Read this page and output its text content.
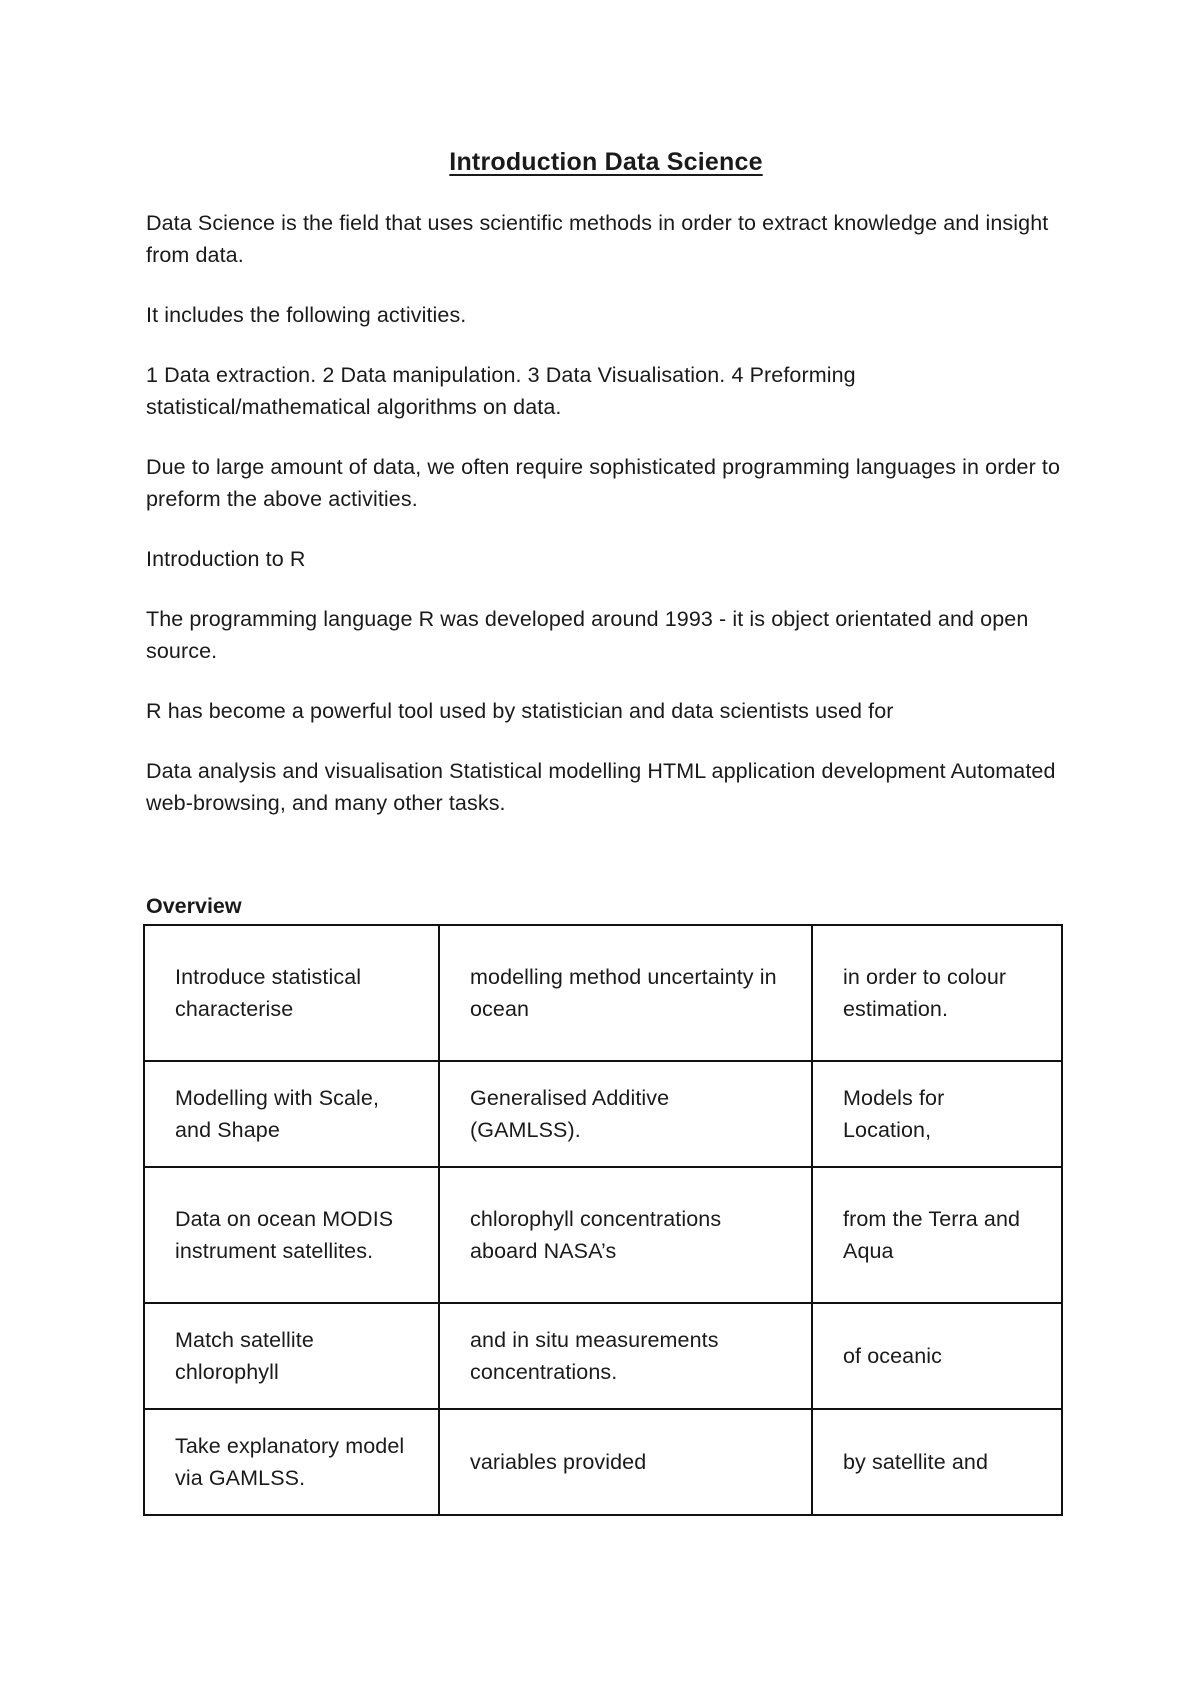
Introduction Data Science

Data Science is the field that uses scientific methods in order to extract knowledge and insight from data.

It includes the following activities.

1 Data extraction. 2 Data manipulation. 3 Data Visualisation. 4 Preforming statistical/mathematical algorithms on data.

Due to large amount of data, we often require sophisticated programming languages in order to preform the above activities.

Introduction to R

The programming language R was developed around 1993 - it is object orientated and open source.

R has become a powerful tool used by statistician and data scientists used for

Data analysis and visualisation Statistical modelling HTML application development Automated web-browsing, and many other tasks.

Overview

Introduce statistical characterise	modelling method uncertainty in ocean	in order to colour estimation.
Modelling with Scale, and Shape	Generalised Additive (GAMLSS).	Models for Location,
Data on ocean MODIS instrument satellites.	chlorophyll concentrations aboard NASA’s	from the Terra and Aqua
Match satellite chlorophyll	and in situ measurements concentrations.	of oceanic
Take explanatory model via GAMLSS.	variables provided	by satellite and
